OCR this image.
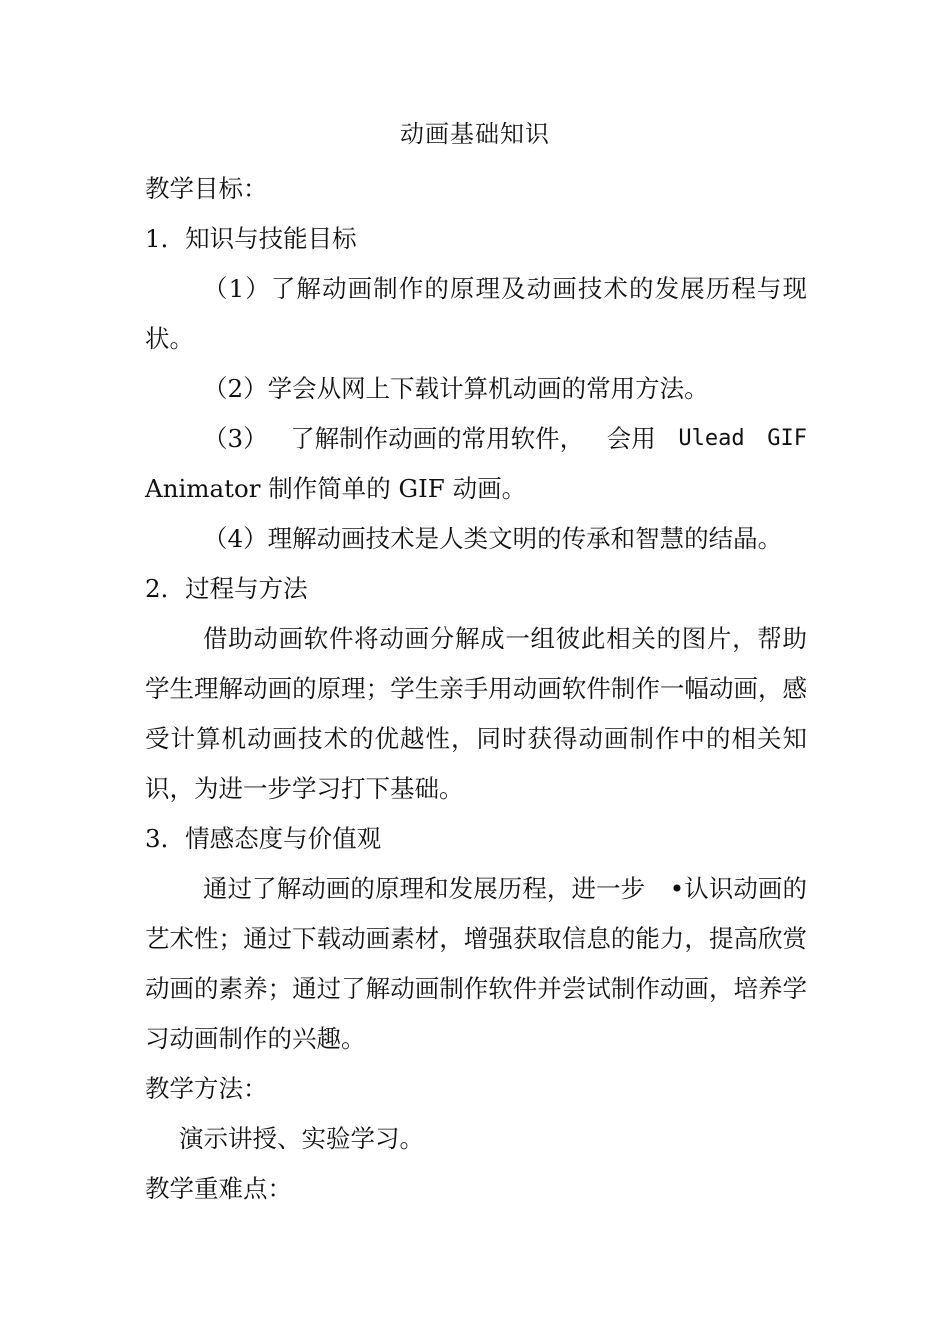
动画基础知识
教学目标：
1．知识与技能目标
（1）了解动画制作的原理及动画技术的发展历程与现状。
（2）学会从网上下载计算机动画的常用方法。
（3） 了解制作动画的常用软件， 会用 Ulead GIF
Animator 制作简单的 GIF 动画。
（4）理解动画技术是人类文明的传承和智慧的结晶。
2．过程与方法
借助动画软件将动画分解成一组彼此相关的图片，帮助学生理解动画的原理；学生亲手用动画软件制作一幅动画，感受计算机动画技术的优越性，同时获得动画制作中的相关知识，为进一步学习打下基础。
3．情感态度与价值观
通过了解动画的原理和发展历程，进一步　•认识动画的艺术性；通过下载动画素材，增强获取信息的能力，提高欣赏动画的素养；通过了解动画制作软件并尝试制作动画，培养学习动画制作的兴趣。
教学方法：
演示讲授、实验学习。
教学重难点：
